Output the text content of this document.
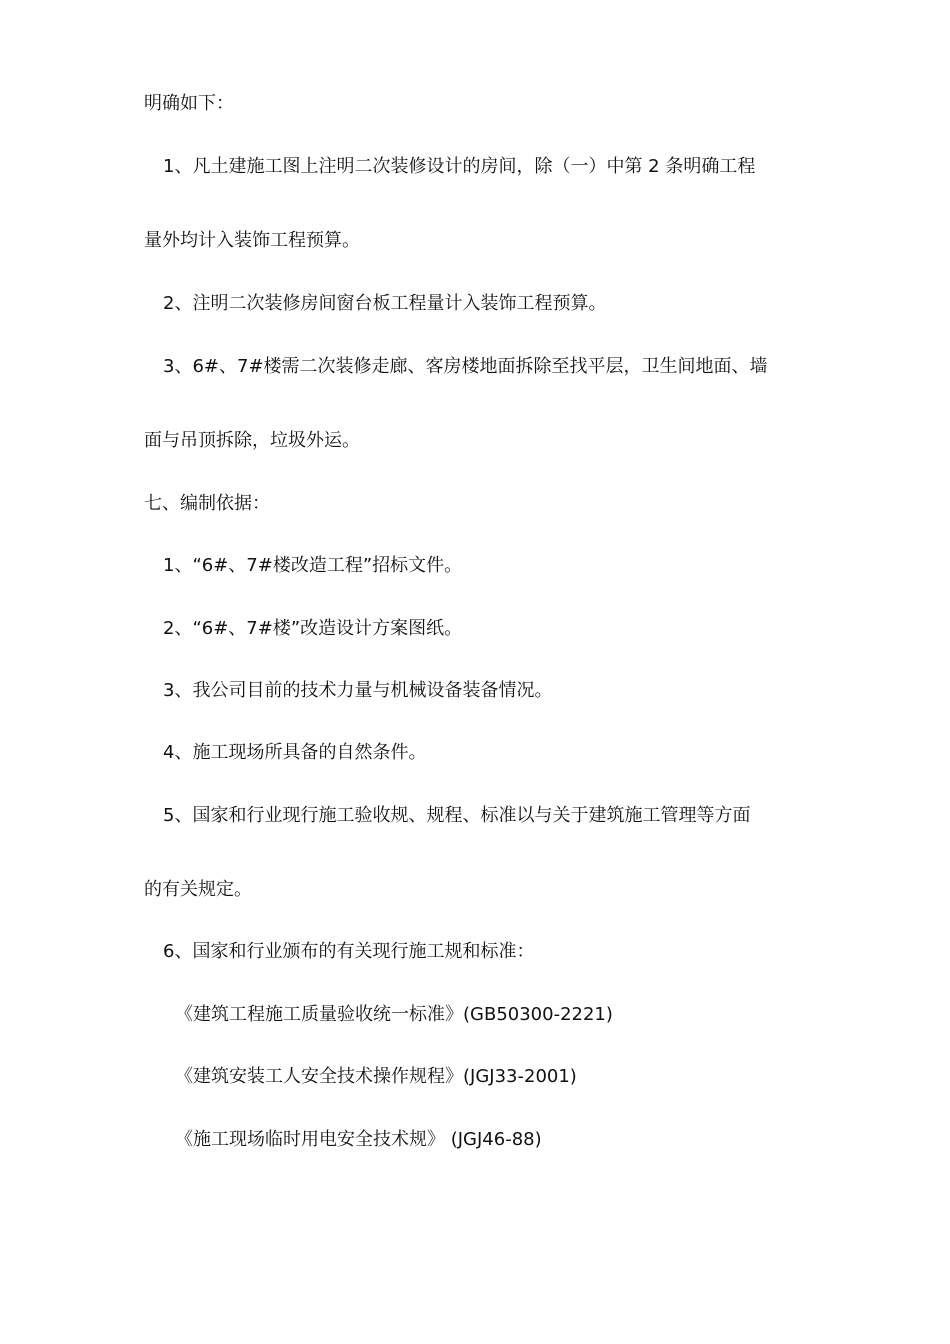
明确如下：
1、凡土建施工图上注明二次装修设计的房间，除（一）中第 2 条明确工程
量外均计入装饰工程预算。
2、注明二次装修房间窗台板工程量计入装饰工程预算。
3、6#、7#楼需二次装修走廊、客房楼地面拆除至找平层，卫生间地面、墙
面与吊顶拆除，垃圾外运。
七、编制依据：
1、“6#、7#楼改造工程”招标文件。
2、“6#、7#楼”改造设计方案图纸。
3、我公司目前的技术力量与机械设备装备情况。
4、施工现场所具备的自然条件。
5、国家和行业现行施工验收规、规程、标准以与关于建筑施工管理等方面
的有关规定。
6、国家和行业颁布的有关现行施工规和标准：
《建筑工程施工质量验收统一标准》(GB50300-2221)
《建筑安装工人安全技术操作规程》(JGJ33-2001)
《施工现场临时用电安全技术规》 (JGJ46-88)
